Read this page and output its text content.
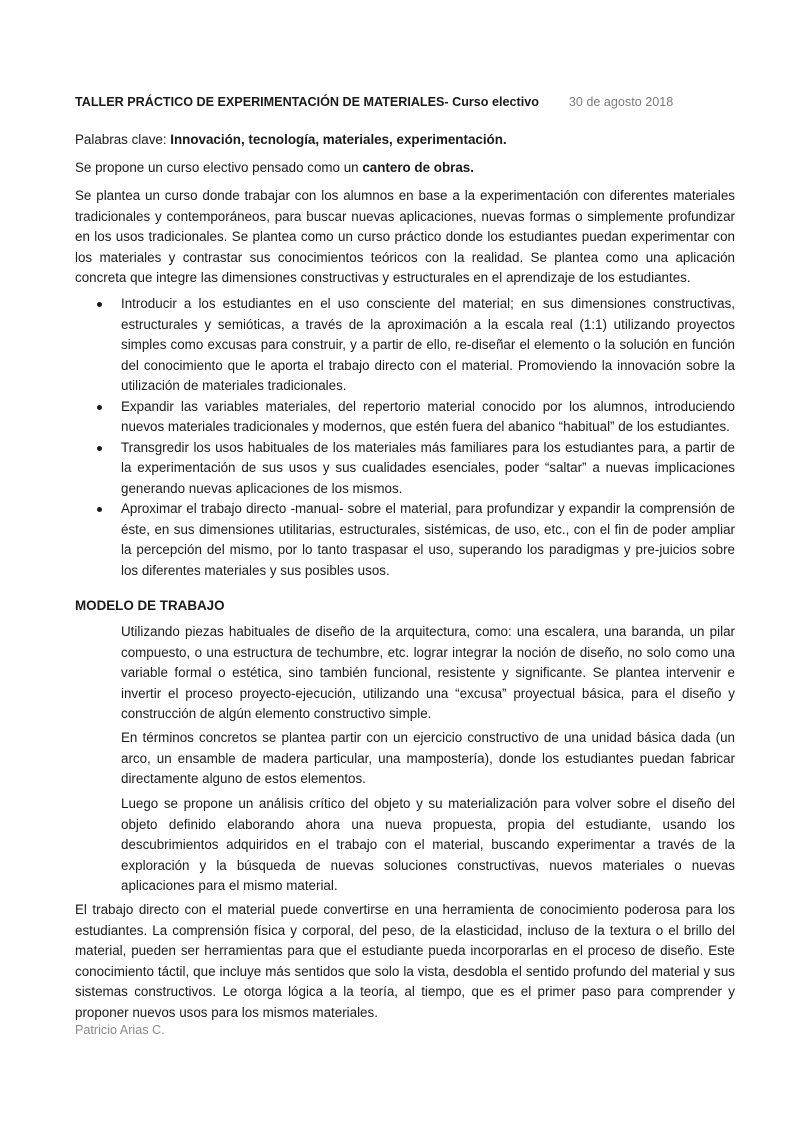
TALLER PRÁCTICO DE EXPERIMENTACIÓN DE MATERIALES- Curso electivo 30 de agosto 2018

Palabras clave: Innovación, tecnología, materiales, experimentación.

Se propone un curso electivo pensado como un cantero de obras.

Se plantea un curso donde trabajar con los alumnos en base a la experimentación con diferentes materiales tradicionales y contemporáneos, para buscar nuevas aplicaciones, nuevas formas o simplemente profundizar en los usos tradicionales. Se plantea como un curso práctico donde los estudiantes puedan experimentar con los materiales y contrastar sus conocimientos teóricos con la realidad. Se plantea como una aplicación concreta que integre las dimensiones constructivas y estructurales en el aprendizaje de los estudiantes.

Introducir a los estudiantes en el uso consciente del material; en sus dimensiones constructivas, estructurales y semióticas, a través de la aproximación a la escala real (1:1) utilizando proyectos simples como excusas para construir, y a partir de ello, re-diseñar el elemento o la solución en función del conocimiento que le aporta el trabajo directo con el material. Promoviendo la innovación sobre la utilización de materiales tradicionales.
Expandir las variables materiales, del repertorio material conocido por los alumnos, introduciendo nuevos materiales tradicionales y modernos, que estén fuera del abanico “habitual” de los estudiantes.
Transgredir los usos habituales de los materiales más familiares para los estudiantes para, a partir de la experimentación de sus usos y sus cualidades esenciales, poder “saltar” a nuevas implicaciones generando nuevas aplicaciones de los mismos.
Aproximar el trabajo directo -manual- sobre el material, para profundizar y expandir la comprensión de éste, en sus dimensiones utilitarias, estructurales, sistémicas, de uso, etc., con el fin de poder ampliar la percepción del mismo, por lo tanto traspasar el uso, superando los paradigmas y pre-juicios sobre los diferentes materiales y sus posibles usos.

MODELO DE TRABAJO

Utilizando piezas habituales de diseño de la arquitectura, como: una escalera, una baranda, un pilar compuesto, o una estructura de techumbre, etc. lograr integrar la noción de diseño, no solo como una variable formal o estética, sino también funcional, resistente y significante. Se plantea intervenir e invertir el proceso proyecto-ejecución, utilizando una “excusa” proyectual básica, para el diseño y construcción de algún elemento constructivo simple.

En términos concretos se plantea partir con un ejercicio constructivo de una unidad básica dada (un arco, un ensamble de madera particular, una mampostería), donde los estudiantes puedan fabricar directamente alguno de estos elementos.

Luego se propone un análisis crítico del objeto y su materialización para volver sobre el diseño del objeto definido elaborando ahora una nueva propuesta, propia del estudiante, usando los descubrimientos adquiridos en el trabajo con el material, buscando experimentar a través de la exploración y la búsqueda de nuevas soluciones constructivas, nuevos materiales o nuevas aplicaciones para el mismo material.

El trabajo directo con el material puede convertirse en una herramienta de conocimiento poderosa para los estudiantes. La comprensión física y corporal, del peso, de la elasticidad, incluso de la textura o el brillo del material, pueden ser herramientas para que el estudiante pueda incorporarlas en el proceso de diseño. Este conocimiento táctil, que incluye más sentidos que solo la vista, desdobla el sentido profundo del material y sus sistemas constructivos. Le otorga lógica a la teoría, al tiempo, que es el primer paso para comprender y proponer nuevos usos para los mismos materiales.

Patricio Arias C.
